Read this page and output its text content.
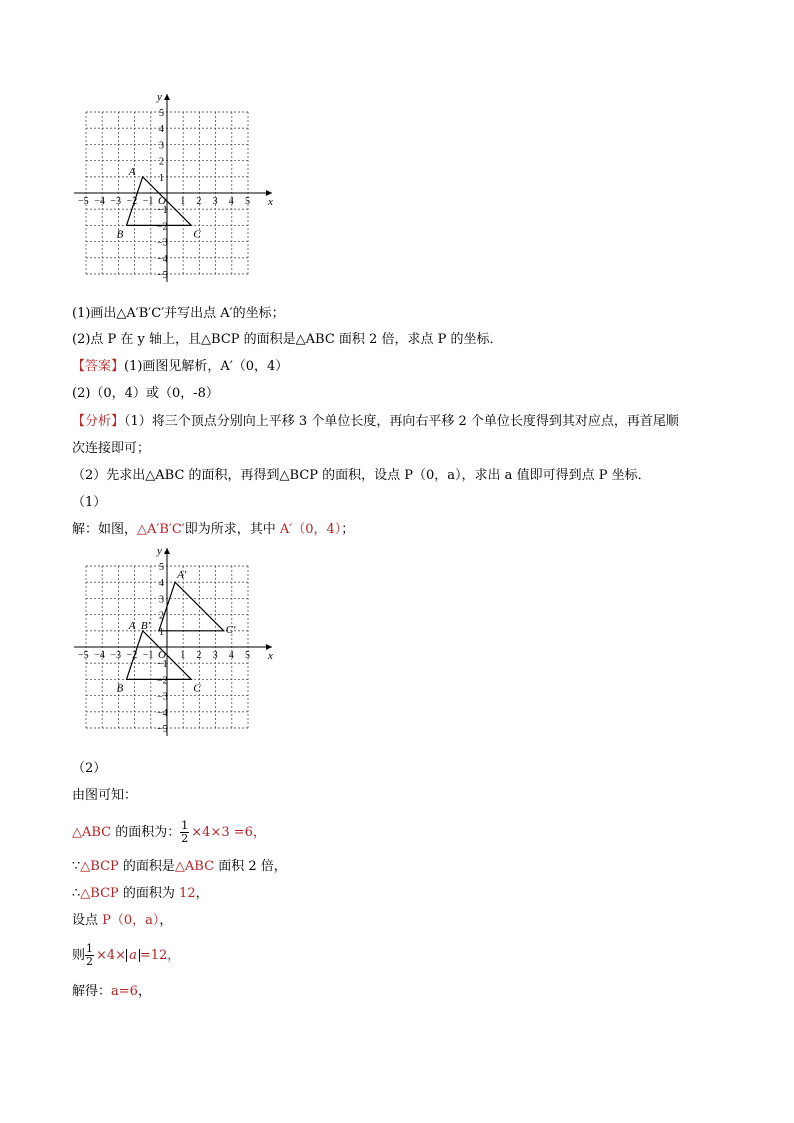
x
y
O
−5 −4 −3 −2 −1	1 2 3 4 5
5
4
3
2
1
−1
−2
−3
−4
−5
A
B	C
(1)画出△A′B′C′并写出点 A′的坐标；
(2)点 P 在 y 轴上，且△BCP 的面积是△ABC 面积 2 倍，求点 P 的坐标．
【答案】(1)画图见解析，A′（0，4）
(2)（0，4）或（0，-8）
【分析】（1）将三个顶点分别向上平移 3 个单位长度，再向右平移 2 个单位长度得到其对应点，再首尾顺
次连接即可；
（2）先求出△ABC 的面积，再得到△BCP 的面积，设点 P（0，a），求出 a 值即可得到点 P 坐标．
（1）
解：如图，△A′B′C′即为所求，其中 A′（0，4）；
x
y
O
−5 −4 −3 −2 −1	1 2 3 4 5
5
4
3
2
1
−1
−2
−3
−4
−5
A
B	C
A′
B′	C′
（2）
由图可知：
△ABC 的面积为： $\frac{1}{2} \times 4\times 3 =6$，
∵△BCP 的面积是△ABC 面积 2 倍，
∴△BCP 的面积为 12，
设点 P（0，a），
则 $\frac{1}{2} \times 4\times a =12$，
解得：a=6，
